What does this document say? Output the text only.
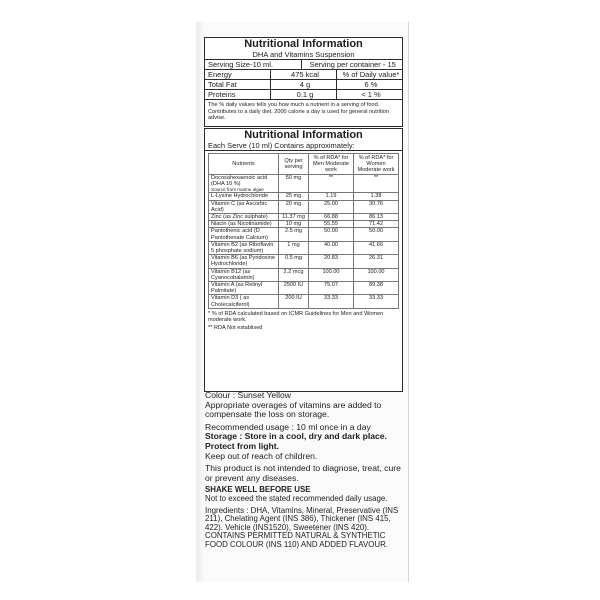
Nutritional Information
DHA and Vitamins Suspension
Serving Size-10 ml.	Serving per container - 15
Energy	475 kcal	% of Daily value*
Total Fat	4 g	6 %
Proteins	0.1 g	< 1 %
The % daily values tells you how much a nutrient in a serving of food. Contributes to a daily diet. 2000 calorie a day is used for general nutrition advise.
Nutritional Information
Each Serve (10 ml) Contains approximately:
Nutrients	Qty per serving	% of RDA* for Men Moderate work	% of RDA* for Women Moderate work

Docosahexaenoic acid (DHA 10 %)
Source from marine algae	50 mg	**	**

L-Lysine Hydrochloride	25 mg	1.19	1.38

Vitamin C (as Ascorbic Acid)	20 mg	25.00	30.76

Zinc (as Zinc sulphate)	11.37 mg	66.88	86.13

Niacin (as Nicotinamide)	10 mg	55.55	71.42

Pantothenic acid (D Pantothenate Calcium)	2.5 mg	50.00	50.00

Vitamin B2 (as Riboflavin 5 phosphate sodium)	1 mg	40.00	41.66

Vitamin B6 (as Pyridoxine Hydrochloride)	0.5 mg	20.83	26.31

Vitamin B12 (as Cyanocobalamin)	2.2 mcg	100.00	100.00

Vitamin A (as Retinyl Palmitate)	2500 IU	75.07	89.38

Vitamin D3 ( as Cholecalciferol)	200 IU	33.33	33.33
* % of RDA calculated based on ICMR Guidelines for Men and Women moderate work.
** RDA Not establised
Colour : Sunset Yellow
Appropriate overages of vitamins are added to compensate the loss on storage.
Recommended usage : 10 ml once in a day
Storage : Store in a cool, dry and dark place. Protect from light.
Keep out of reach of children.
This product is not intended to diagnose, treat, cure or prevent any diseases.
SHAKE WELL BEFORE USE
Not to exceed the stated recommended daily usage.
Ingredients : DHA, Vitamins, Mineral, Preservative (INS 211), Chelating Agent (INS 386), Thickener (INS 415, 422). Vehicle (INS1520), Sweetener (INS 420).
CONTAINS PERMITTED NATURAL & SYNTHETIC FOOD COLOUR (INS 110) AND ADDED FLAVOUR.
